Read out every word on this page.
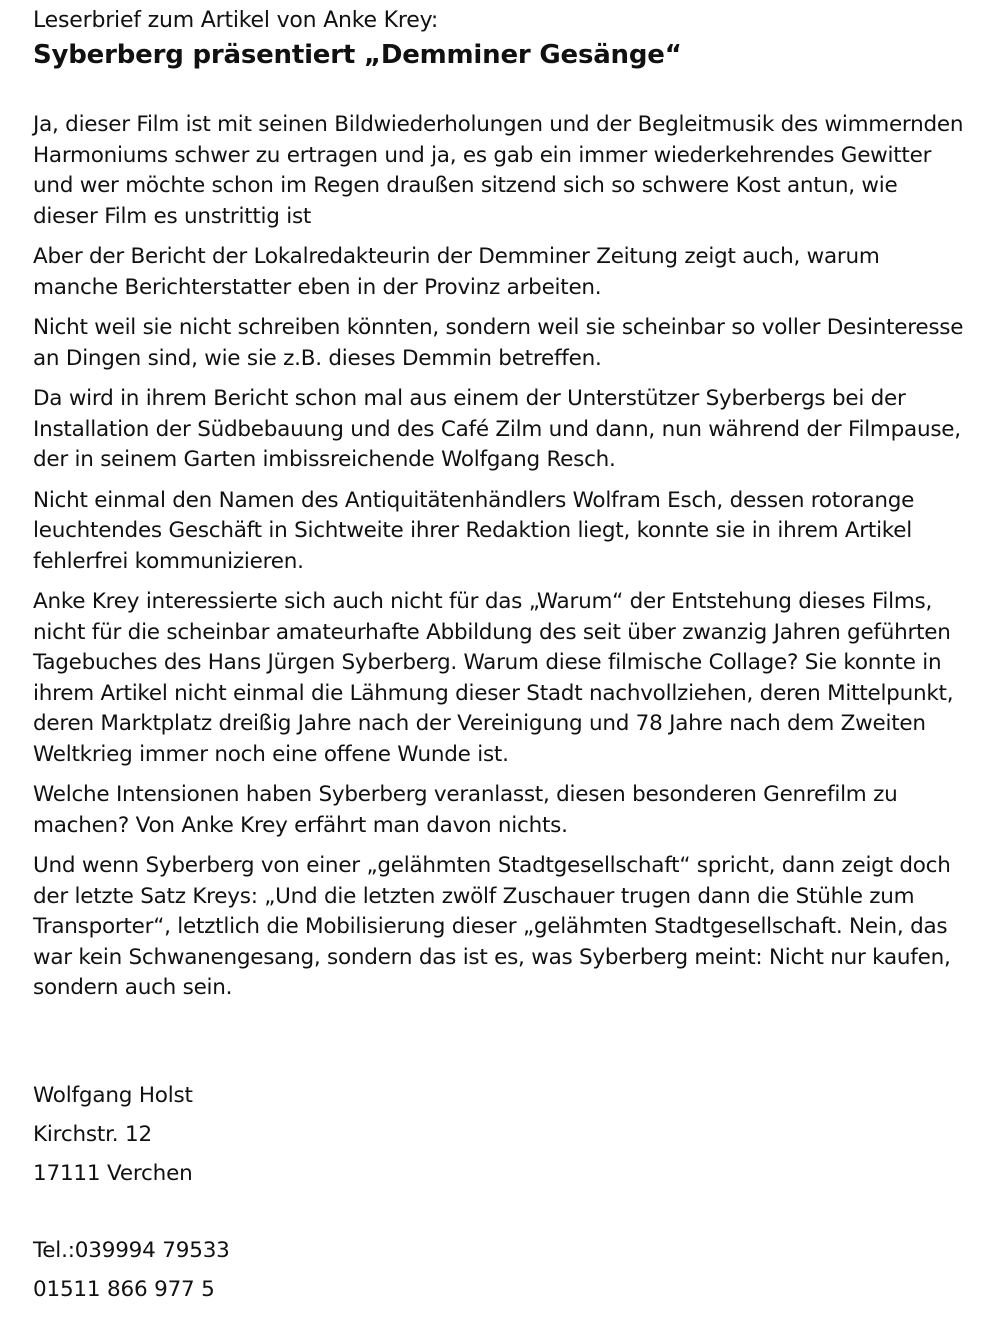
Leserbrief zum Artikel von Anke Krey:

Syberberg präsentiert „Demminer Gesänge“

Ja, dieser Film ist mit seinen Bildwiederholungen und der Begleitmusik des wimmernden Harmoniums schwer zu ertragen und ja, es gab ein immer wiederkehrendes Gewitter und wer möchte schon im Regen draußen sitzend sich so schwere Kost antun, wie dieser Film es unstrittig ist

Aber der Bericht der Lokalredakteurin der Demminer Zeitung zeigt auch, warum manche Berichterstatter eben in der Provinz arbeiten.

Nicht weil sie nicht schreiben könnten, sondern weil sie scheinbar so voller Desinteresse an Dingen sind, wie sie z.B. dieses Demmin betreffen.

Da wird in ihrem Bericht schon mal aus einem der Unterstützer Syberbergs bei der Installation der Südbebauung und des Café Zilm und dann, nun während der Filmpause, der in seinem Garten imbissreichende Wolfgang Resch.

Nicht einmal den Namen des Antiquitätenhändlers Wolfram Esch, dessen rotorange leuchtendes Geschäft in Sichtweite ihrer Redaktion liegt, konnte sie in ihrem Artikel fehlerfrei kommunizieren.

Anke Krey interessierte sich auch nicht für das „Warum“ der Entstehung dieses Films, nicht für die scheinbar amateurhafte Abbildung des seit über zwanzig Jahren geführten Tagebuches des Hans Jürgen Syberberg. Warum diese filmische Collage? Sie konnte in ihrem Artikel nicht einmal die Lähmung dieser Stadt nachvollziehen, deren Mittelpunkt, deren Marktplatz dreißig Jahre nach der Vereinigung und 78 Jahre nach dem Zweiten Weltkrieg immer noch eine offene Wunde ist.

Welche Intensionen haben Syberberg veranlasst, diesen besonderen Genrefilm zu machen? Von Anke Krey erfährt man davon nichts.

Und wenn Syberberg von einer „gelähmten Stadtgesellschaft“ spricht, dann zeigt doch der letzte Satz Kreys: „Und die letzten zwölf Zuschauer trugen dann die Stühle zum Transporter“, letztlich die Mobilisierung dieser „gelähmten Stadtgesellschaft. Nein, das war kein Schwanengesang, sondern das ist es, was Syberberg meint: Nicht nur kaufen, sondern auch sein.

Wolfgang Holst
Kirchstr. 12
17111 Verchen
Tel.:039994 79533
01511 866 977 5
